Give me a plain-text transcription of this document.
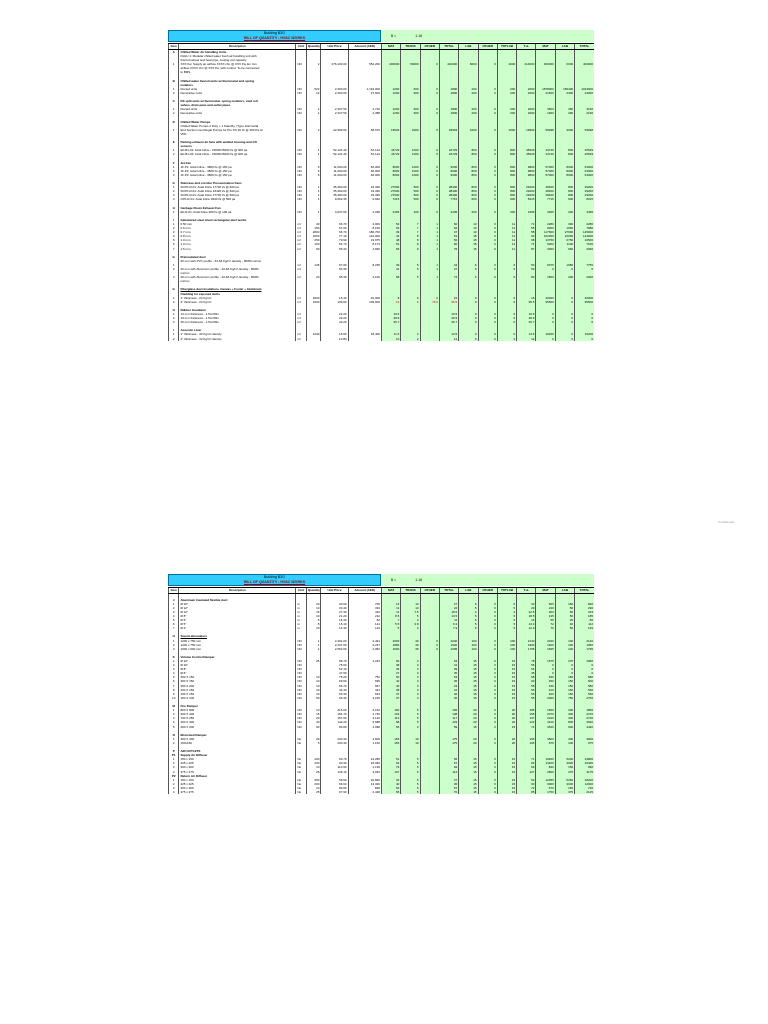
Building B3G
BILL OF QUANTITY - HVAC WORKS	$ =	1.16
Item	Description	Unit	Quantity	Unit Price	Amount (AED)	MAT	TRANS	OTHER	TOTAL	LAB	OTHER	TOTLAB	T+L	MAT	LAB	TOTAL
A	Chilled Water Air Handling Units															
	FAHU 1: Modular chilled water fresh air handling unit with															
	thermal wheel and heat pipe, cooling coil capacity															
1	XXX Kw, Supply air airflow XXXX cfm @ XXX Pa, Ex. fan	NO	2	276,100.00	552,200	400000	50000	0	410000	6000	0	4000	414000	400000	6000	404000
	airflow XXXX cfm @ XXX Pa, with control. To be connected															
	to BMS.															

B	Chilled water fancoil units w/ thermostat and spring															
	isolators															
1	Ducted units	NO	522	2,300.00	1,194,000	1200	600	0	1800	200	0	200	2000	1878000	156400	1034000
2	Decorative units	NO	12	2,300.00	27,600	1200	600	0	1800	200	0	200	2000	21600	2400	24000

C	DX split units w/ thermostat, spring isolators, stud roll															
	valves, drain pans and outlet pipes															
1	Ducted units	NO	1	2,337.50	2,710	1200	600	0	1800	200	0	200	2000	3500	350	3150
2	Decorative units	NO	1	2,337.50	2,388	1200	600	0	1800	200	0	200	2000	1900	290	2190

D	Chilled Water Pumps															
	Chilled Water Pumps 2 Duty + 1 Standby, (Type Horizontal															
1	End Suction Centrifugal Pumps for PH-70) 36 l/s @ 450 Pa w/	NO	3	22,999.60	68,979	15993	2000	0	18993	1000	0	1000	19993	59998	3000	59998
	VFD															

E	Parking exhaust air fans with welded housing and CO															
	sensors															
1	EF-B1-01: Axial Inline - 15000/15000 l/s @ 900 pa	NO	1	52,124.40	52,124	43729	1000	0	44729	800	0	800	45529	44729	800	45529
2	EF-B1-02: Axial Inline - 15000/15000 l/s @ 900 pa	NO	1	52,124.40	52,124	43729	1000	0	44729	800	0	800	45529	44729	800	45529

F	Jet Fan															
1	JF-P1: Axial Inline - 3800 l/s @ 150 pa	NO	6	11,000.00	66,000	8000	1000	0	9000	800	0	800	9800	57000	8000	63000
2	JF-P2: Axial Inline - 3800 l/s @ 150 pa	NO	6	11,000.00	66,000	8000	1000	0	9000	800	0	800	9800	57000	8000	63000
3	JF-P3: Axial Inline - 3800 l/s @ 150 pa	NO	6	11,000.00	66,000	8000	1000	0	9000	800	0	800	9800	57000	8000	63000

G	Staircase and corridor Pressurization Fans															
1	SCPF-R-01: Axial Inline 17700 l/s @ 600 pa	NO	1	35,390.00	33,390	27900	500	0	28400	800	0	800	29200	28400	800	29200
2	SCPF-R-01: Axial Inline 16420 l/s @ 600 pa	NO	1	35,390.00	33,390	27900	500	0	28400	800	0	800	29200	28400	800	29200
3	SCPF-R-01: Axial Inline 17700 l/s @ 600 pa	NO	1	35,390.00	33,390	27900	500	0	28400	800	0	800	29200	28400	800	29200
4	CPF-R-01: Axial Inline 3940 l/s @ 500 pa	NO	1	9,662.35	9,662	7215	500	0	7715	600	0	600	8315	7715	600	8315

H	Garbage Room Exhaust Fan															
1	EF-R-01: Axial Inline 280 l/s @ 100 pa	NO	1	4,037.60	4,038	3195	100	0	3295	200	0	200	3495	3295	200	3495

I	Galvanized steel sheet rectangular duct works															
1	0.50 mm	m²	30	66.70	2,006	52	7	1	60	13	0	11	71	2280	390	2280
2	0.6 mm	m²	150	57.00	8,150	54	7	1	62	13	0	11	55	8200	1650	7980
3	0.7 mm	m²	2800	66.70	186,760	39	7	1	47	13	0	11	58	117600	27600	145000
4	0.8 mm	m²	2000	77.10	142,000	42	8	1	51	15	0	11	62	102000	22000	124000
5	1.0 mm	m²	250	79.90	19,975	48	8	1	56	15	0	11	68	13750	2750	16500
6	1.0 mm	m²	100	81.73	8,173	51	8	1	60	15	0	11	71	6000	1100	7100
7	1.5 mm	m²	60	95.33	4,660	66	9	1	75	15	0	11	87	3300	660	4060

G	Preinsulated duct															
	20 mm with PVC profile - 43-48 Kg/m³ density - 80/80 micron															
1		m²	135	67.00	8,235	39	5	1	44	6	0	6	50	6075	1680	7755
2	20 mm with Aluminum profile - 43-48 Kg/m³ density - 80/80	m²		50.30		41	5	1	47	6	0	6	53	0	0	0
	micron															
3	20 mm with Aluminum profile - 43-48 Kg/m³ density - 80/80	m²	20	95.30	2,106	68	5	1	74	6	0	6	80	1500	200	2000
	micron															

G	Fiberglass duct insulation+ Canvas + Foster + Aluminum															
	Cladding for exposed ducts															
1	1" thickness - 24 Kg/m³	m²	2600	15.40	40,000	8	6	0	15	0	0	0	16	40000	0	40000
2	2" thickness - 24 Kg/m³	m²	1000	109.60	109,600	10	6	75.6	95.5	0	0	0	95.5	95500	0	95500

H	Rubber Insulation															
1	13 mm thickness - 1.5m²/8lm	m²		22.20		19.5			19.5	0	0	0	19.5	0	0	0
2	19 mm thickness - 1.5m²/8lm	m²		33.20		28.9			28.9	0	0	0	28.9	0	0	0
3	25 mm thickness - 1.5m²/8lm	m²		42.20		36.7			36.7	0	0	0	36.7	0	0	0

I	Acoustic Liner															
1	1" thickness - 32 Kg/m³ density	m²	1200	15.60	18,400	11.5	2		13.5	0	0	0	13.5	16200	0	16200
2	2" thickness - 32 Kg/m³ density	m²		13.80		10	2		12	0	0	0	12	0	0	0
Building B3G
BILL OF QUANTITY - HVAC WORKS	$ =	1.16
Item	Description	Unit	Quantity	Unit Price	Amount (AED)	MAT	TRANS	OTHER	TOTAL	LAB	OTHER	TOTLAB	T+L	MAT	LAB	TOTAL

J	Aluminum insulated flexible duct															
1	Ø 10"	m	20	30.60	736	14	13		27	6	0	6	33	660	160	820
2	Ø 12"	m	10	33.40	334	11	13		24	5	0	5	29	240	50	290
3	Ø 12"	m	15	27.30	410	11	7.5		18.5	4	0	4	22.5	263	60	323
4	Ø 8"	m	10	21.20	212	8.5	5		13.5	5	0	5	18.5	135	50	185
5	Ø 6"	m	5	16.40	82	7	4		11	5	0	5	16	55	25	80
6	Ø 5"	m	8	15.10	121	5.5	3.8		9.3	5	0	5	14.3	72	40	112
7	Ø 4"	m	10	14.30	143	5	3		7.9	5	0	5	12.9	79	50	129

H	Sound attenuators															
1	1200 x 750 mm	NO	1	2,491.00	2,491	2000	40	0	2040	100	0	100	2140	2040	100	2140
2	1200 x 750 mm	NO	1	2,237.00	2,237	1880	40	0	1920	100	0	100	1960	1920	100	1960
3	1000 x 600 mm	NO	1	2,052.00	2,052	1600	35	0	1695	100	0	100	1795	1695	100	1795

K	Volume Control Damper															
1	Ø 10"	NO	25	89.70	2,243	60	3		63	15	0	15	78	1575	375	1950
2	Ø 16"	NO		75.00		38	3		41	15	0	15	56	0	0	0
3	Ø 8"	NO		52.10		36	3		39	15	0	15	54	0	0	0
4	Ø 6"	NO		47.90		27	3		30	15	0	15	45	0	0	0
5	400 X 150	NO	10	75.20	752	50	3		53	15	0	15	68	530	150	680
6	300 X 150	NO	10	69.60	696	42	3		45	15	0	15	60	450	150	600
7	250 X 200	NO	10	66.70	667	40	3		43	15	0	15	58	430	150	580
8	200 X 150	NO	10	44.40	444	38	3		41	15	0	15	56	410	150	560
9	150 X 150	NO	10	63.30	633	37	3		40	15	0	15	55	400	150	550
10	150 X 100	NO	50	63.30	3,165	37	3		40	15	0	15	55	2000	750	2750

M	Fire Damper															
1	800 X 800	NO	10	215.20	2,152	160	5		165	20	0	20	185	1650	200	1850
2	900 X 400	NO	15	181.70	2,726	133	5		138	20	0	20	158	2070	300	2370
3	700 X 250	NO	20	157.00	3,140	112	5		117	20	0	20	137	2340	400	2740
4	400 X 300	NO	40	142.20	5,688	98	5		103	20	0	20	123	4120	800	4920
5	200 X 200	NO	60	83.80	4,998	56	3		59	15	0	15	74	3540	900	4440

N	Motorized Damper															
1	300 X 300	No	20	230.30	4,606	165	10		175	20	0	20	195	3500	400	3900
2	150x150	No	5	230.30	1,152	165	10		175	20	0	20	195	875	100	975

P	AIR OUTLETS															
P1	Supply Air Diffuser															
1	150 x 150	No	400	60.70	24,280	51	5		56	15	0	15	71	19600	5200	24800
2	225 x 225	No	200	90.30	18,060	62	5		67	15	0	15	82	13400	3000	16400
3	300 x 300	No	10	113.60	1,136	79	5		84	15	0	15	99	840	150	990
4	375 x 375	No	25	146.10	3,653	107	5		112	15	0	15	127	2800	375	3175
P2	Return Air Diffuser															
1	150 x 150	No	350	59.60	20,860	32	5		37	15	0	15	52	12950	5250	18200
2	225 x 225	No	200	66.60	13,320	40	5		45	15	0	15	60	9000	3000	12000
3	300 x 300	No	10	82.80	828	52	5		57	15	0	15	72	570	150	720
4	375 x 375	No	25	97.90	2,448	65	5		70	15	0	15	85	1750	375	2125
Confidential
